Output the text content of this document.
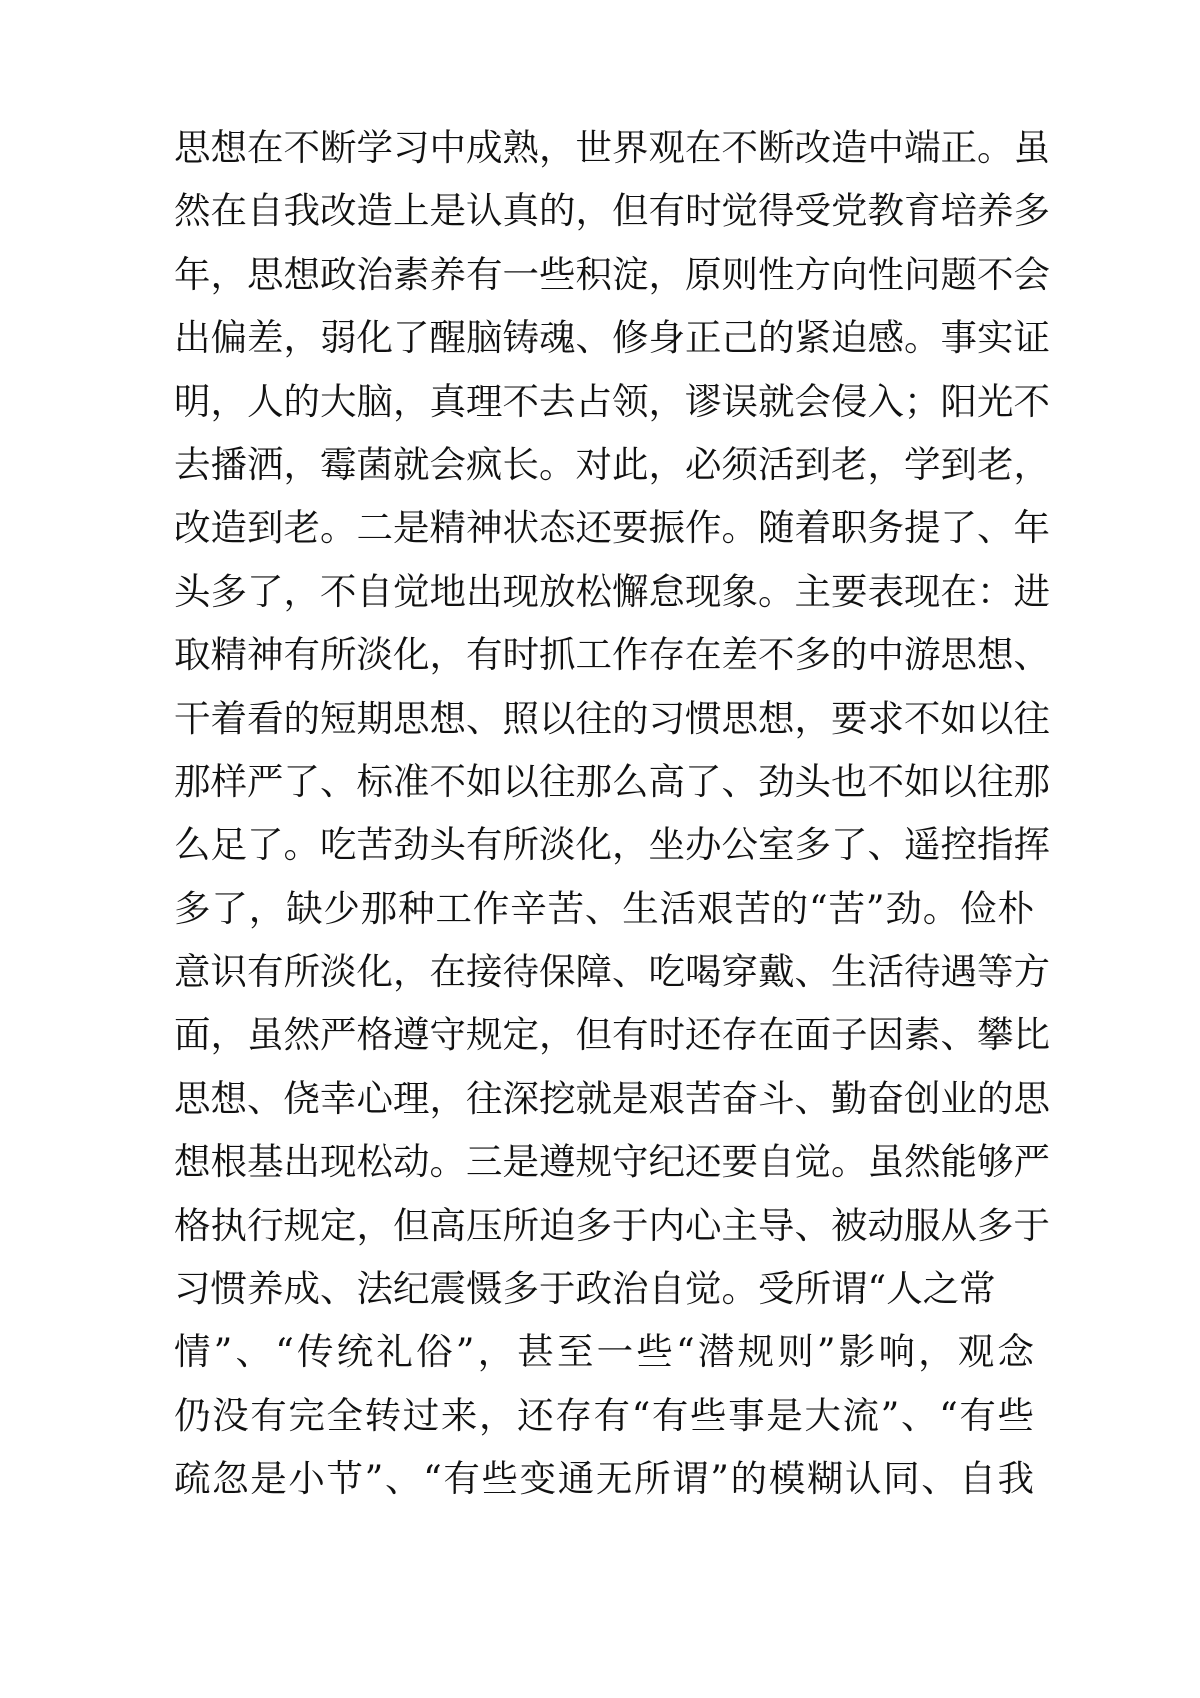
思想在不断学习中成熟，世界观在不断改造中端正。虽
然在自我改造上是认真的，但有时觉得受党教育培养多
年，思想政治素养有一些积淀，原则性方向性问题不会
出偏差，弱化了醒脑铸魂、修身正己的紧迫感。事实证
明，人的大脑，真理不去占领，谬误就会侵入；阳光不
去播洒，霉菌就会疯长。对此，必须活到老，学到老，
改造到老。二是精神状态还要振作。随着职务提了、年
头多了，不自觉地出现放松懈怠现象。主要表现在：进
取精神有所淡化，有时抓工作存在差不多的中游思想、
干着看的短期思想、照以往的习惯思想，要求不如以往
那样严了、标准不如以往那么高了、劲头也不如以往那
么足了。吃苦劲头有所淡化，坐办公室多了、遥控指挥
多了，缺少那种工作辛苦、生活艰苦的“苦”劲。俭朴
意识有所淡化，在接待保障、吃喝穿戴、生活待遇等方
面，虽然严格遵守规定，但有时还存在面子因素、攀比
思想、侥幸心理，往深挖就是艰苦奋斗、勤奋创业的思
想根基出现松动。三是遵规守纪还要自觉。虽然能够严
格执行规定，但高压所迫多于内心主导、被动服从多于
习惯养成、法纪震慑多于政治自觉。受所谓“人之常
情”、“传统礼俗”，甚至一些“潜规则”影响，观念
仍没有完全转过来，还存有“有些事是大流”、“有些
疏忽是小节”、“有些变通无所谓”的模糊认同、自我
